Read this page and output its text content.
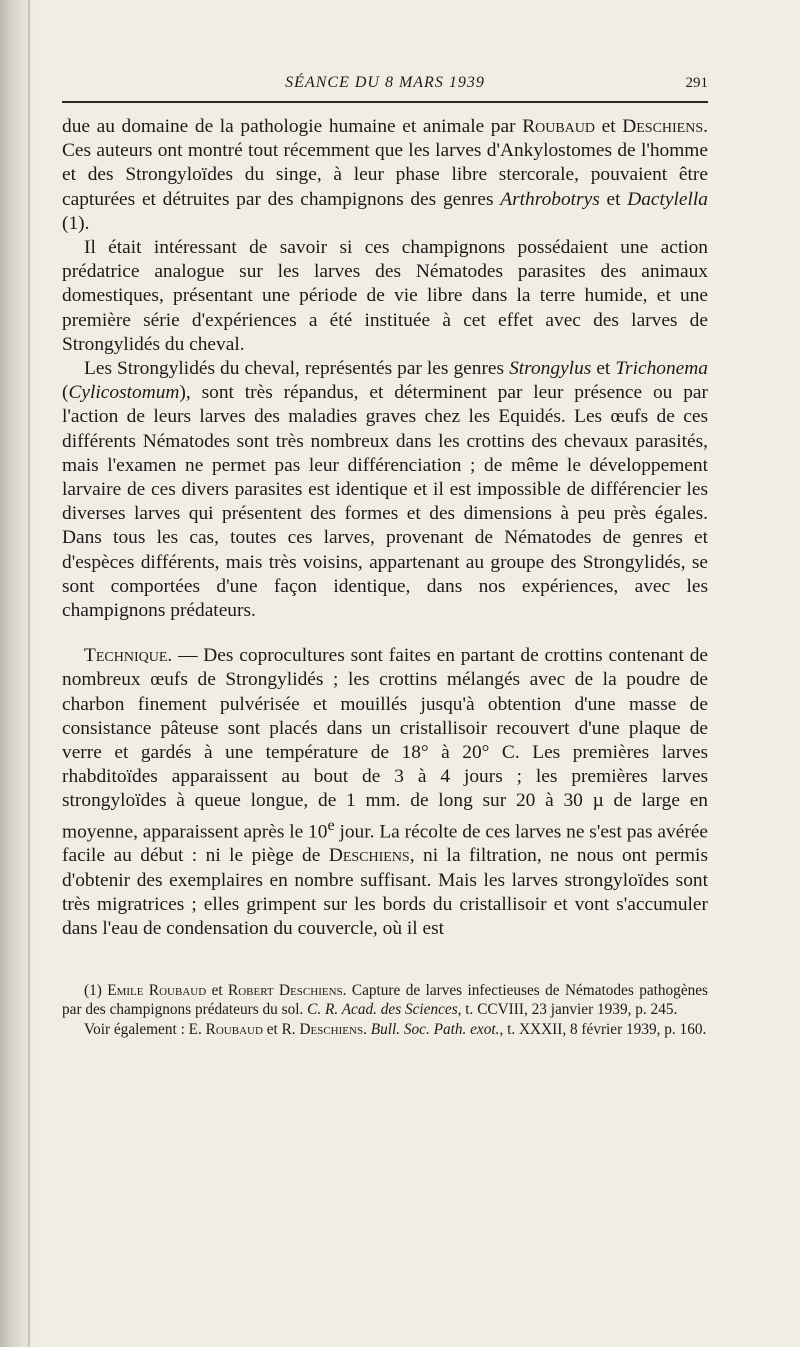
SÉANCE DU 8 MARS 1939	291

due au domaine de la pathologie humaine et animale par Roubaud et Deschiens. Ces auteurs ont montré tout récemment que les larves d'Ankylostomes de l'homme et des Strongyloïdes du singe, à leur phase libre stercorale, pouvaient être capturées et détruites par des champignons des genres Arthrobotrys et Dactylella (1).

Il était intéressant de savoir si ces champignons possédaient une action prédatrice analogue sur les larves des Nématodes parasites des animaux domestiques, présentant une période de vie libre dans la terre humide, et une première série d'expériences a été instituée à cet effet avec des larves de Strongylidés du cheval.

Les Strongylidés du cheval, représentés par les genres Strongylus et Trichonema (Cylicostomum), sont très répandus, et déterminent par leur présence ou par l'action de leurs larves des maladies graves chez les Equidés. Les œufs de ces différents Nématodes sont très nombreux dans les crottins des chevaux parasités, mais l'examen ne permet pas leur différenciation ; de même le développement larvaire de ces divers parasites est identique et il est impossible de différencier les diverses larves qui présentent des formes et des dimensions à peu près égales. Dans tous les cas, toutes ces larves, provenant de Nématodes de genres et d'espèces différents, mais très voisins, appartenant au groupe des Strongylidés, se sont comportées d'une façon identique, dans nos expériences, avec les champignons prédateurs.

Technique. — Des coprocultures sont faites en partant de crottins contenant de nombreux œufs de Strongylidés ; les crottins mélangés avec de la poudre de charbon finement pulvérisée et mouillés jusqu'à obtention d'une masse de consistance pâteuse sont placés dans un cristallisoir recouvert d'une plaque de verre et gardés à une température de 18° à 20° C. Les premières larves rhabditoïdes apparaissent au bout de 3 à 4 jours ; les premières larves strongyloïdes à queue longue, de 1 mm. de long sur 20 à 30 µ de large en moyenne, apparaissent après le 10e jour. La récolte de ces larves ne s'est pas avérée facile au début : ni le piège de Deschiens, ni la filtration, ne nous ont permis d'obtenir des exemplaires en nombre suffisant. Mais les larves strongyloïdes sont très migratrices ; elles grimpent sur les bords du cristallisoir et vont s'accumuler dans l'eau de condensation du couvercle, où il est

(1) Emile Roubaud et Robert Deschiens. Capture de larves infectieuses de Nématodes pathogènes par des champignons prédateurs du sol. C. R. Acad. des Sciences, t. CCVIII, 23 janvier 1939, p. 245.

Voir également : E. Roubaud et R. Deschiens. Bull. Soc. Path. exot., t. XXXII, 8 février 1939, p. 160.
